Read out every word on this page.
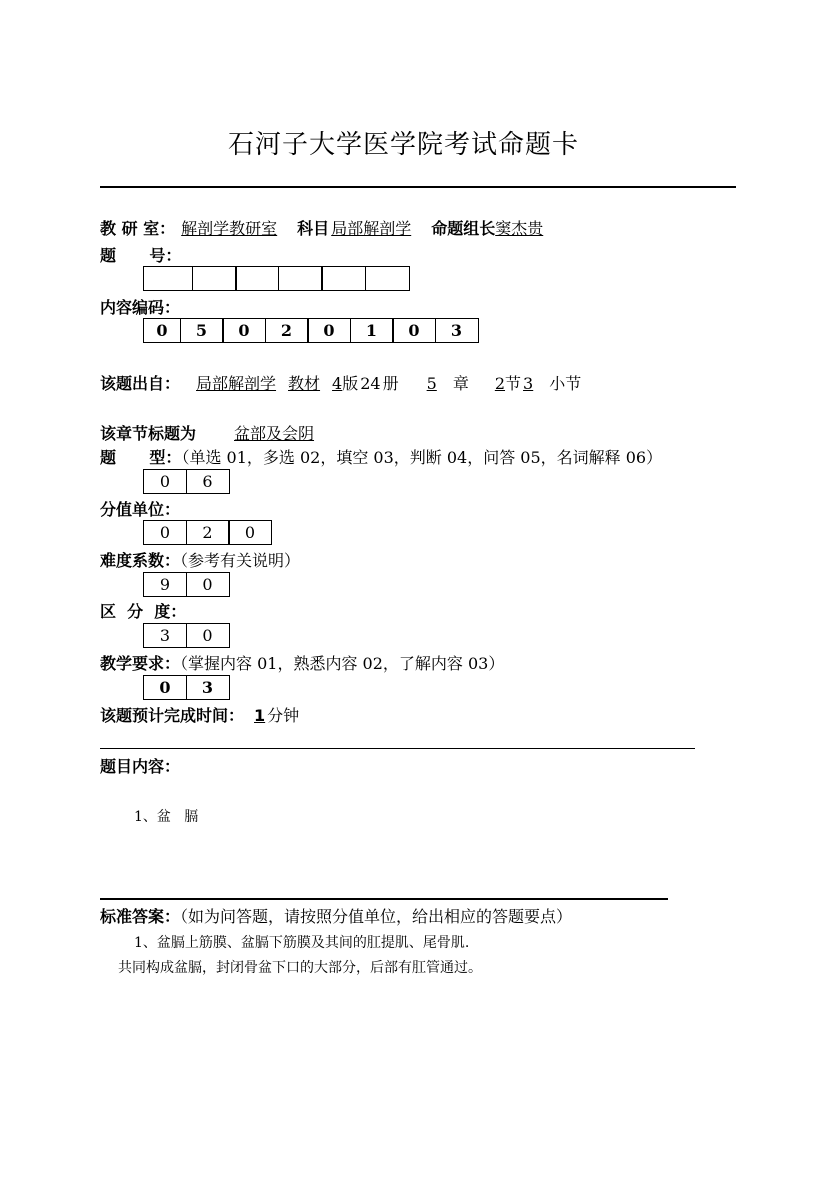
石河子大学医学院考试命题卡
教 研 室： 解剖学教研室 科目 局部解剖学 命题组长窦杰贵
题      号：
内容编码：
0	5	0	2	0	1	0	3
该题出自： 局部解剖学 教材 4版 24 册 5 章 2节 3 小节
该章节标题为 盆部及会阴
题      型：（单选 01，多选 02，填空 03，判断 04，问答 05，名词解释 06）
0	6
分值单位：
0	2	0
难度系数：（参考有关说明）
9	0
区  分  度：
3	0
教学要求：（掌握内容 01，熟悉内容 02，了解内容 03）
0	3
该题预计完成时间： 1 分钟
题目内容：
1、盆   膈
标准答案：（如为问答题，请按照分值单位，给出相应的答题要点）
1、盆膈上筋膜、盆膈下筋膜及其间的肛提肌、尾骨肌.
共同构成盆膈，封闭骨盆下口的大部分，后部有肛管通过。
